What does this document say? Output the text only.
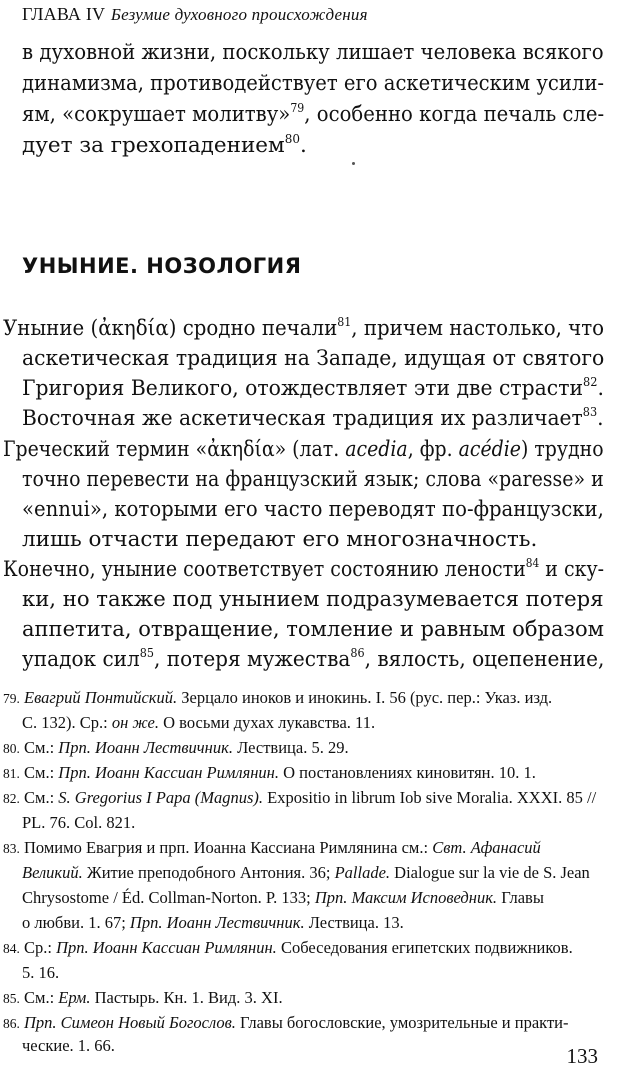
ГЛАВА IV Безумие духовного происхождения
в духовной жизни, поскольку лишает человека всякого
динамизма, противодействует его аскетическим усили-
ям, «сокрушает молитву»$^{79}$, особенно когда печаль сле-
дует за грехопадением$^{80}$.
УНЫНИЕ. НОЗОЛОГИЯ
Уныние (ἀκηδία) сродно печали$^{81}$, причем настолько, что
аскетическая традиция на Западе, идущая от святого
Григория Великого, отождествляет эти две страсти$^{82}$.
Восточная же аскетическая традиция их различает$^{83}$.
Греческий термин «ἀκηδία» (лат. acedia, фр. acédie) трудно
точно перевести на французский язык; слова «paresse» и
«ennui», которыми его часто переводят по-французски,
лишь отчасти передают его многозначность.
Конечно, уныние соответствует состоянию лености$^{84}$ и ску-
ки, но также под унынием подразумевается потеря
аппетита, отвращение, томление и равным образом
упадок сил$^{85}$, потеря мужества$^{86}$, вялость, оцепенение,
79. Евагрий Понтийский. Зерцало иноков и инокинь. I. 56 (рус. пер.: Указ. изд.
С. 132). Ср.: он же. О восьми духах лукавства. 11.
80. См.: Прп. Иоанн Лествичник. Лествица. 5. 29.
81. См.: Прп. Иоанн Кассиан Римлянин. О постановлениях киновитян. 10. 1.
82. См.: S. Gregorius I Papa (Magnus). Expositio in librum Iob sive Moralia. XXXI. 85 //
PL. 76. Col. 821.
83. Помимо Евагрия и прп. Иоанна Кассиана Римлянина см.: Свт. Афанасий
Великий. Житие преподобного Антония. 36; Pallade. Dialogue sur la vie de S. Jean
Chrysostome / Éd. Collman-Norton. P. 133; Прп. Максим Исповедник. Главы
о любви. 1. 67; Прп. Иоанн Лествичник. Лествица. 13.
84. Ср.: Прп. Иоанн Кассиан Римлянин. Собеседования египетских подвижников.
5. 16.
85. См.: Ерм. Пастырь. Кн. 1. Вид. 3. XI.
86. Прп. Симеон Новый Богослов. Главы богословские, умозрительные и практи-
ческие. 1. 66.	133
